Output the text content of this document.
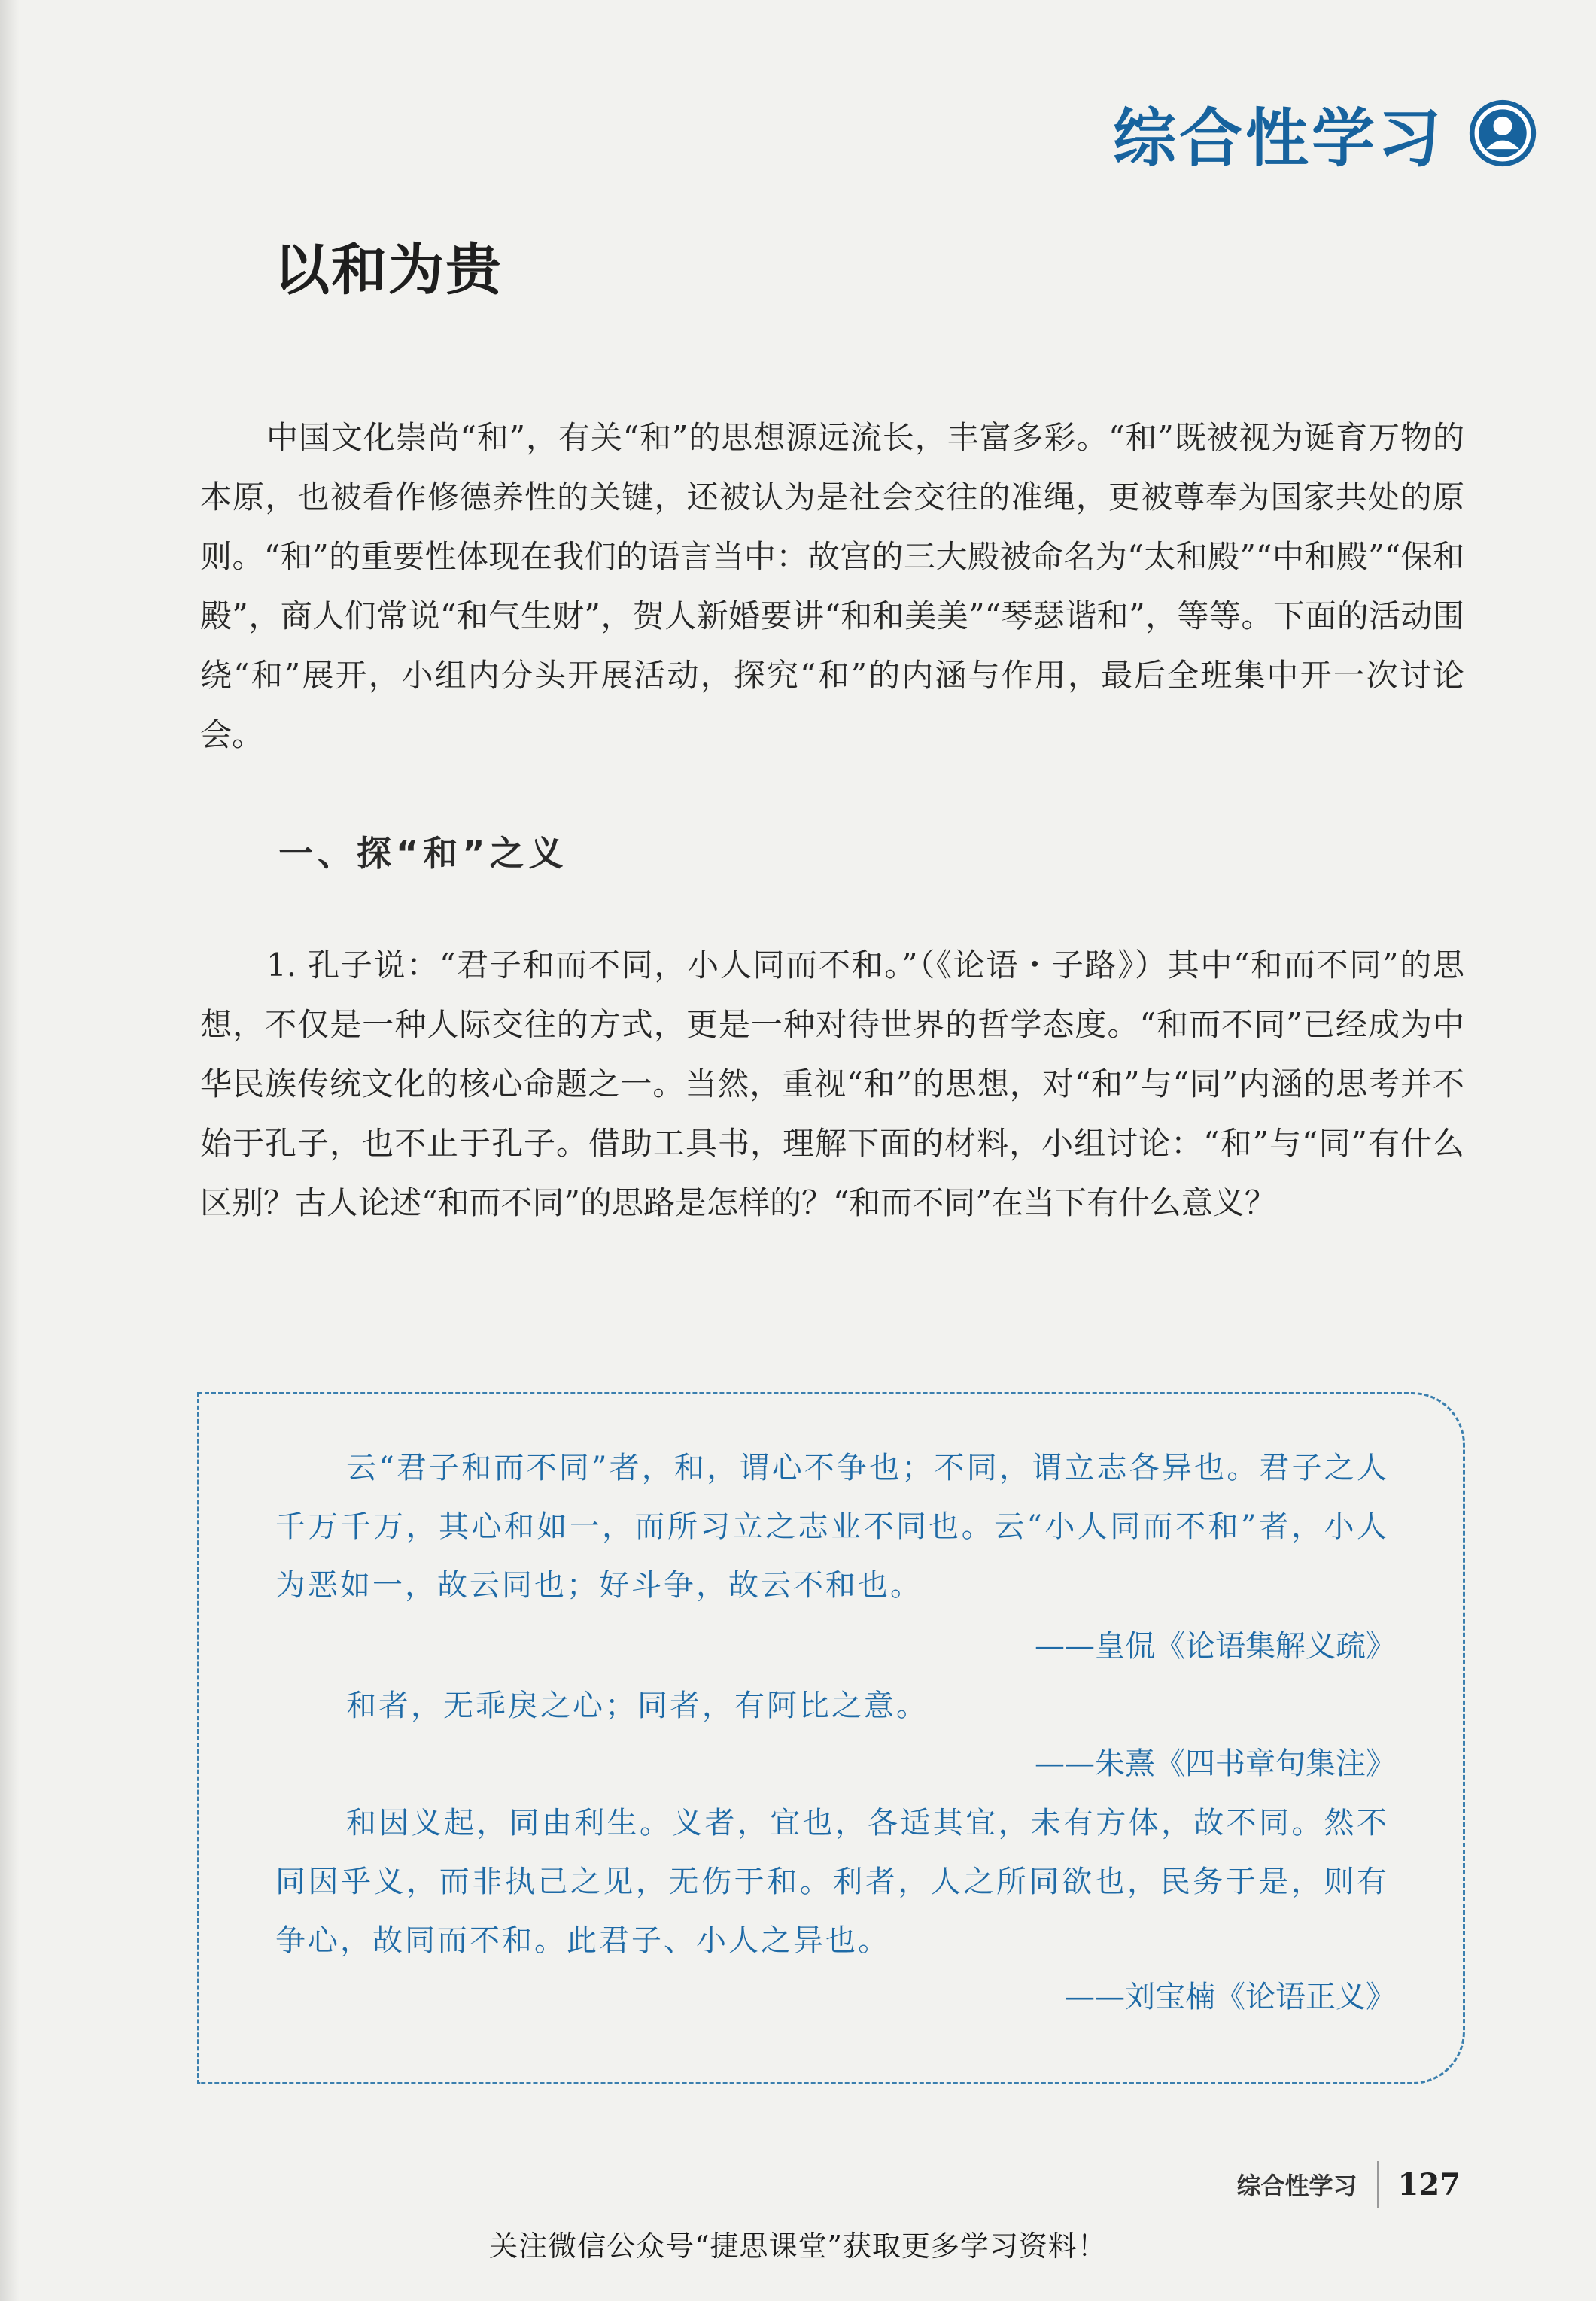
综合性学习
以和为贵

中国文化崇尚“和”，有关“和”的思想源远流长，丰富多彩。“和”既被视为诞育万物的本原，也被看作修德养性的关键，还被认为是社会交往的准绳，更被尊奉为国家共处的原则。“和”的重要性体现在我们的语言当中：故宫的三大殿被命名为“太和殿”“中和殿”“保和殿”，商人们常说“和气生财”，贺人新婚要讲“和和美美”“琴瑟谐和”，等等。下面的活动围绕“和”展开，小组内分头开展活动，探究“和”的内涵与作用，最后全班集中开一次讨论会。

一、探“和”之义

1. 孔子说：“君子和而不同，小人同而不和。”（《论语・子路》）其中“和而不同”的思想，不仅是一种人际交往的方式，更是一种对待世界的哲学态度。“和而不同”已经成为中华民族传统文化的核心命题之一。当然，重视“和”的思想，对“和”与“同”内涵的思考并不始于孔子，也不止于孔子。借助工具书，理解下面的材料，小组讨论：“和”与“同”有什么区别？古人论述“和而不同”的思路是怎样的？“和而不同”在当下有什么意义？

云“君子和而不同”者，和，谓心不争也；不同，谓立志各异也。君子之人千万千万，其心和如一，而所习立之志业不同也。云“小人同而不和”者，小人为恶如一，故云同也；好斗争，故云不和也。

——皇侃《论语集解义疏》

和者，无乖戾之心；同者，有阿比之意。

——朱熹《四书章句集注》

和因义起，同由利生。义者，宜也，各适其宜，未有方体，故不同。然不同因乎义，而非执己之见，无伤于和。利者，人之所同欲也，民务于是，则有争心，故同而不和。此君子、小人之异也。

——刘宝楠《论语正义》

综合性学习 127

关注微信公众号“捷思课堂”获取更多学习资料！
